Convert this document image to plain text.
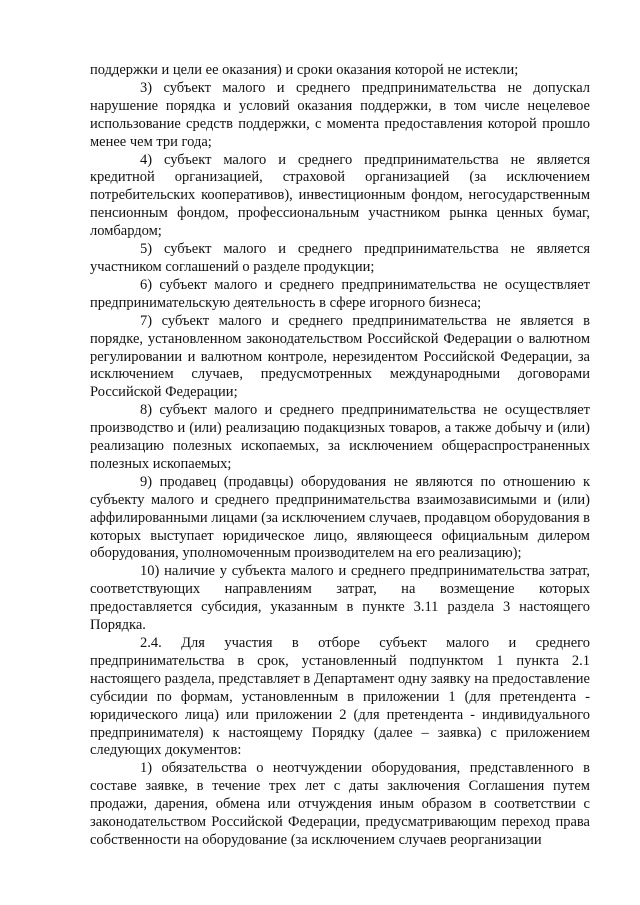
поддержки и цели ее оказания) и сроки оказания которой не истекли;

3) субъект малого и среднего предпринимательства не допускал нарушение порядка и условий оказания поддержки, в том числе нецелевое использование средств поддержки, с момента предоставления которой прошло менее чем три года;

4) субъект малого и среднего предпринимательства не является кредитной организацией, страховой организацией (за исключением потребительских кооперативов), инвестиционным фондом, негосударственным пенсионным фондом, профессиональным участником рынка ценных бумаг, ломбардом;

5) субъект малого и среднего предпринимательства не является участником соглашений о разделе продукции;

6) субъект малого и среднего предпринимательства не осуществляет предпринимательскую деятельность в сфере игорного бизнеса;

7) субъект малого и среднего предпринимательства не является в порядке, установленном законодательством Российской Федерации о валютном регулировании и валютном контроле, нерезидентом Российской Федерации, за исключением случаев, предусмотренных международными договорами Российской Федерации;

8) субъект малого и среднего предпринимательства не осуществляет производство и (или) реализацию подакцизных товаров, а также добычу и (или) реализацию полезных ископаемых, за исключением общераспространенных полезных ископаемых;

9) продавец (продавцы) оборудования не являются по отношению к субъекту малого и среднего предпринимательства взаимозависимыми и (или) аффилированными лицами (за исключением случаев, продавцом оборудования в которых выступает юридическое лицо, являющееся официальным дилером оборудования, уполномоченным производителем на его реализацию);

10) наличие у субъекта малого и среднего предпринимательства затрат, соответствующих направлениям затрат, на возмещение которых предоставляется субсидия, указанным в пункте 3.11 раздела 3 настоящего Порядка.

2.4. Для участия в отборе субъект малого и среднего предпринимательства в срок, установленный подпунктом 1 пункта 2.1 настоящего раздела, представляет в Департамент одну заявку на предоставление субсидии по формам, установленным в приложении 1 (для претендента - юридического лица) или приложении 2 (для претендента - индивидуального предпринимателя) к настоящему Порядку (далее – заявка) с приложением следующих документов:

1) обязательства о неотчуждении оборудования, представленного в составе заявке, в течение трех лет с даты заключения Соглашения путем продажи, дарения, обмена или отчуждения иным образом в соответствии с законодательством Российской Федерации, предусматривающим переход права собственности на оборудование (за исключением случаев реорганизации
